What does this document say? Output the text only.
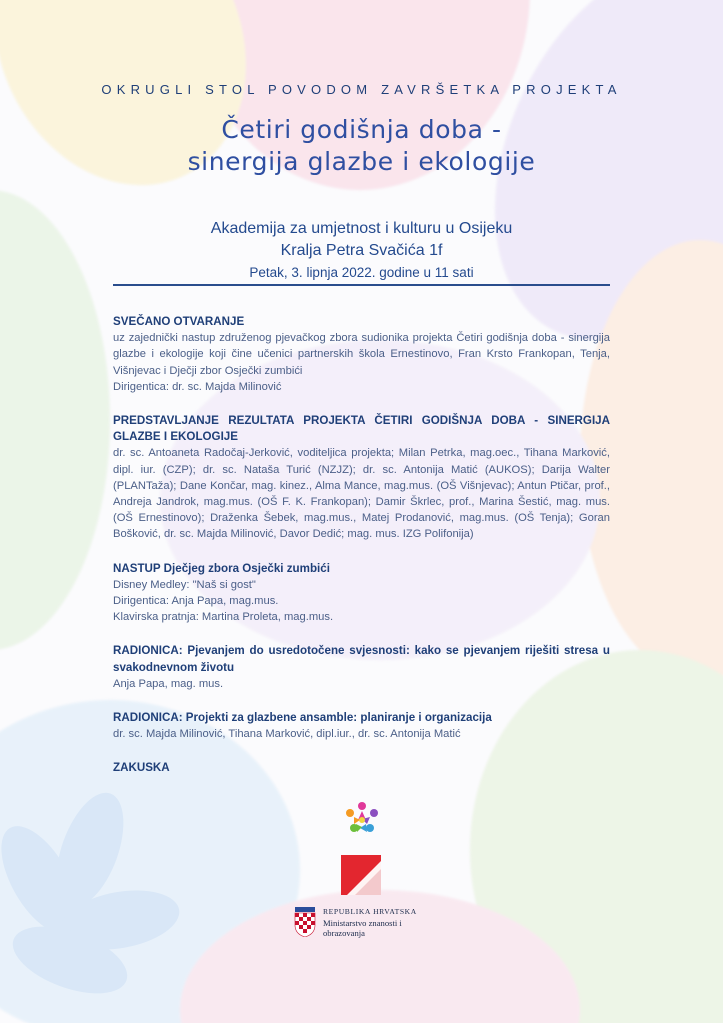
OKRUGLI STOL POVODOM ZAVRŠETKA PROJEKTA
Četiri godišnja doba -
sinergija glazbe i ekologije
Akademija za umjetnost i kulturu u Osijeku
Kralja Petra Svačića 1f
Petak, 3. lipnja 2022. godine u 11 sati
SVEČANO OTVARANJE

uz zajednički nastup združenog pjevačkog zbora sudionika projekta Četiri godišnja doba - sinergija glazbe i ekologije koji čine učenici partnerskih škola Ernestinovo, Fran Krsto Frankopan, Tenja, Višnjevac i Dječji zbor Osječki zumbići

Dirigentica: dr. sc. Majda Milinović

PREDSTAVLJANJE REZULTATA PROJEKTA ČETIRI GODIŠNJA DOBA - SINERGIJA GLAZBE I EKOLOGIJE

dr. sc. Antoaneta Radočaj-Jerković, voditeljica projekta; Milan Petrka, mag.oec., Tihana Marković, dipl. iur. (CZP); dr. sc. Nataša Turić (NZJZ); dr. sc. Antonija Matić (AUKOS); Darija Walter (PLANTaža); Dane Končar, mag. kinez., Alma Mance, mag.mus. (OŠ Višnjevac); Antun Ptičar, prof., Andreja Jandrok, mag.mus. (OŠ F. K. Frankopan); Damir Škrlec, prof., Marina Šestić, mag. mus. (OŠ Ernestinovo); Draženka Šebek, mag.mus., Matej Prodanović, mag.mus. (OŠ Tenja); Goran Bošković, dr. sc. Majda Milinović, Davor Dedić; mag. mus. IZG Polifonija)

NASTUP Dječjeg zbora Osječki zumbići

Disney Medley: "Naš si gost"

Dirigentica: Anja Papa, mag.mus.

Klavirska pratnja: Martina Proleta, mag.mus.

RADIONICA: Pjevanjem do usredotočene svjesnosti: kako se pjevanjem riješiti stresa u svakodnevnom životu

Anja Papa, mag. mus.

RADIONICA: Projekti za glazbene ansamble: planiranje i organizacija

dr. sc. Majda Milinović, Tihana Marković, dipl.iur., dr. sc. Antonija Matić

ZAKUSKA
REPUBLIKA HRVATSKA
Ministarstvo znanosti i
obrazovanja
